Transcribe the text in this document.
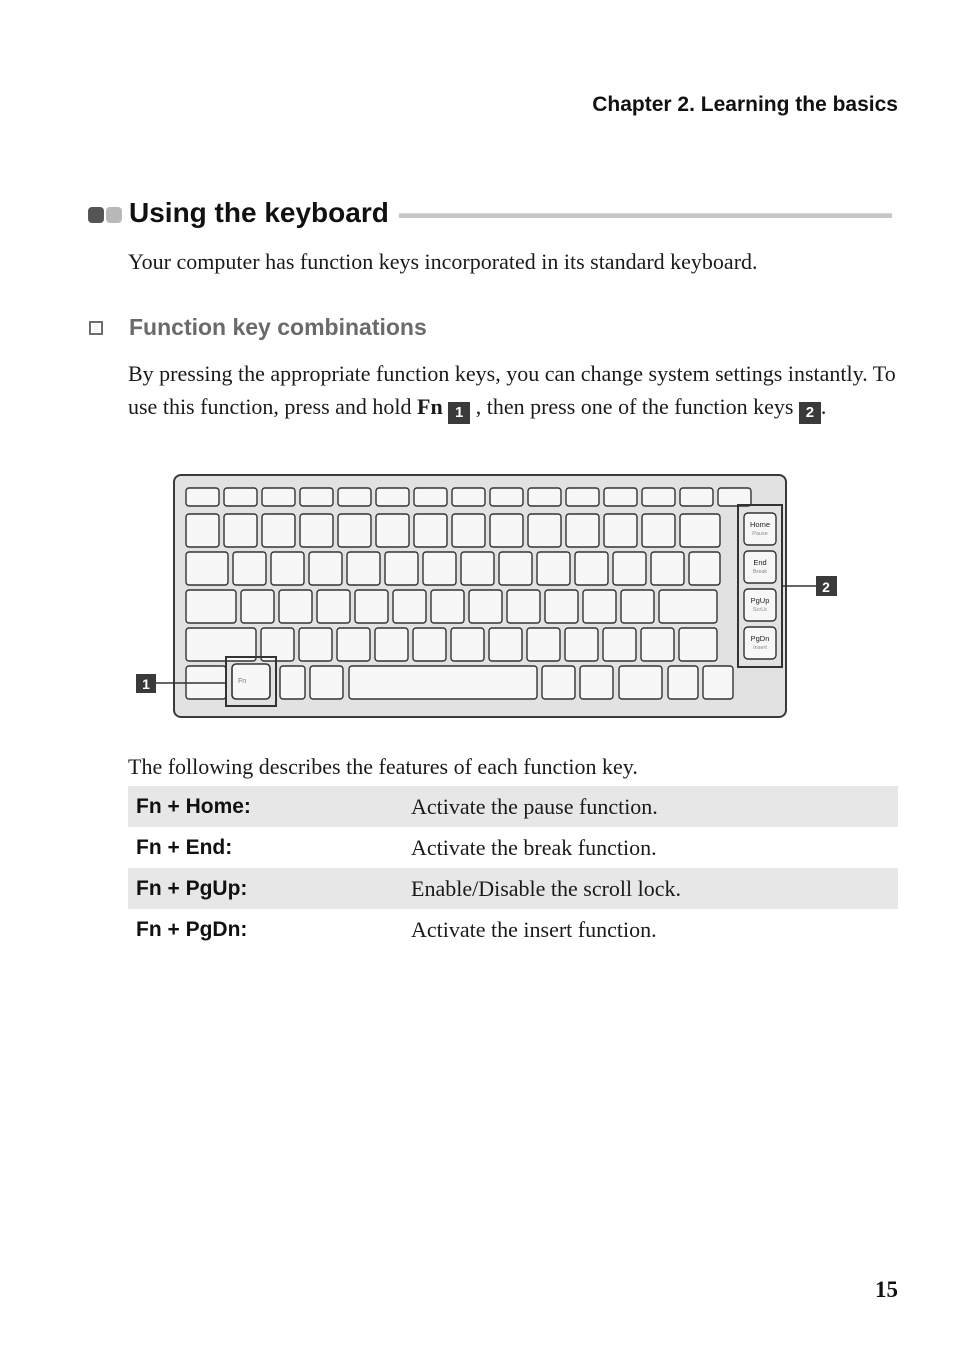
Chapter 2. Learning the basics
Using the keyboard
Your computer has function keys incorporated in its standard keyboard.
Function key combinations
By pressing the appropriate function keys, you can change system settings instantly. To use this function, press and hold Fn 1 , then press one of the function keys 2 .
Home
Pause
End
Break
PgUp
ScrLk
PgDn
Insert
Fn
1
2
The following describes the features of each function key.
Fn + Home:	Activate the pause function.
Fn + End:	Activate the break function.
Fn + PgUp:	Enable/Disable the scroll lock.
Fn + PgDn:	Activate the insert function.
15
